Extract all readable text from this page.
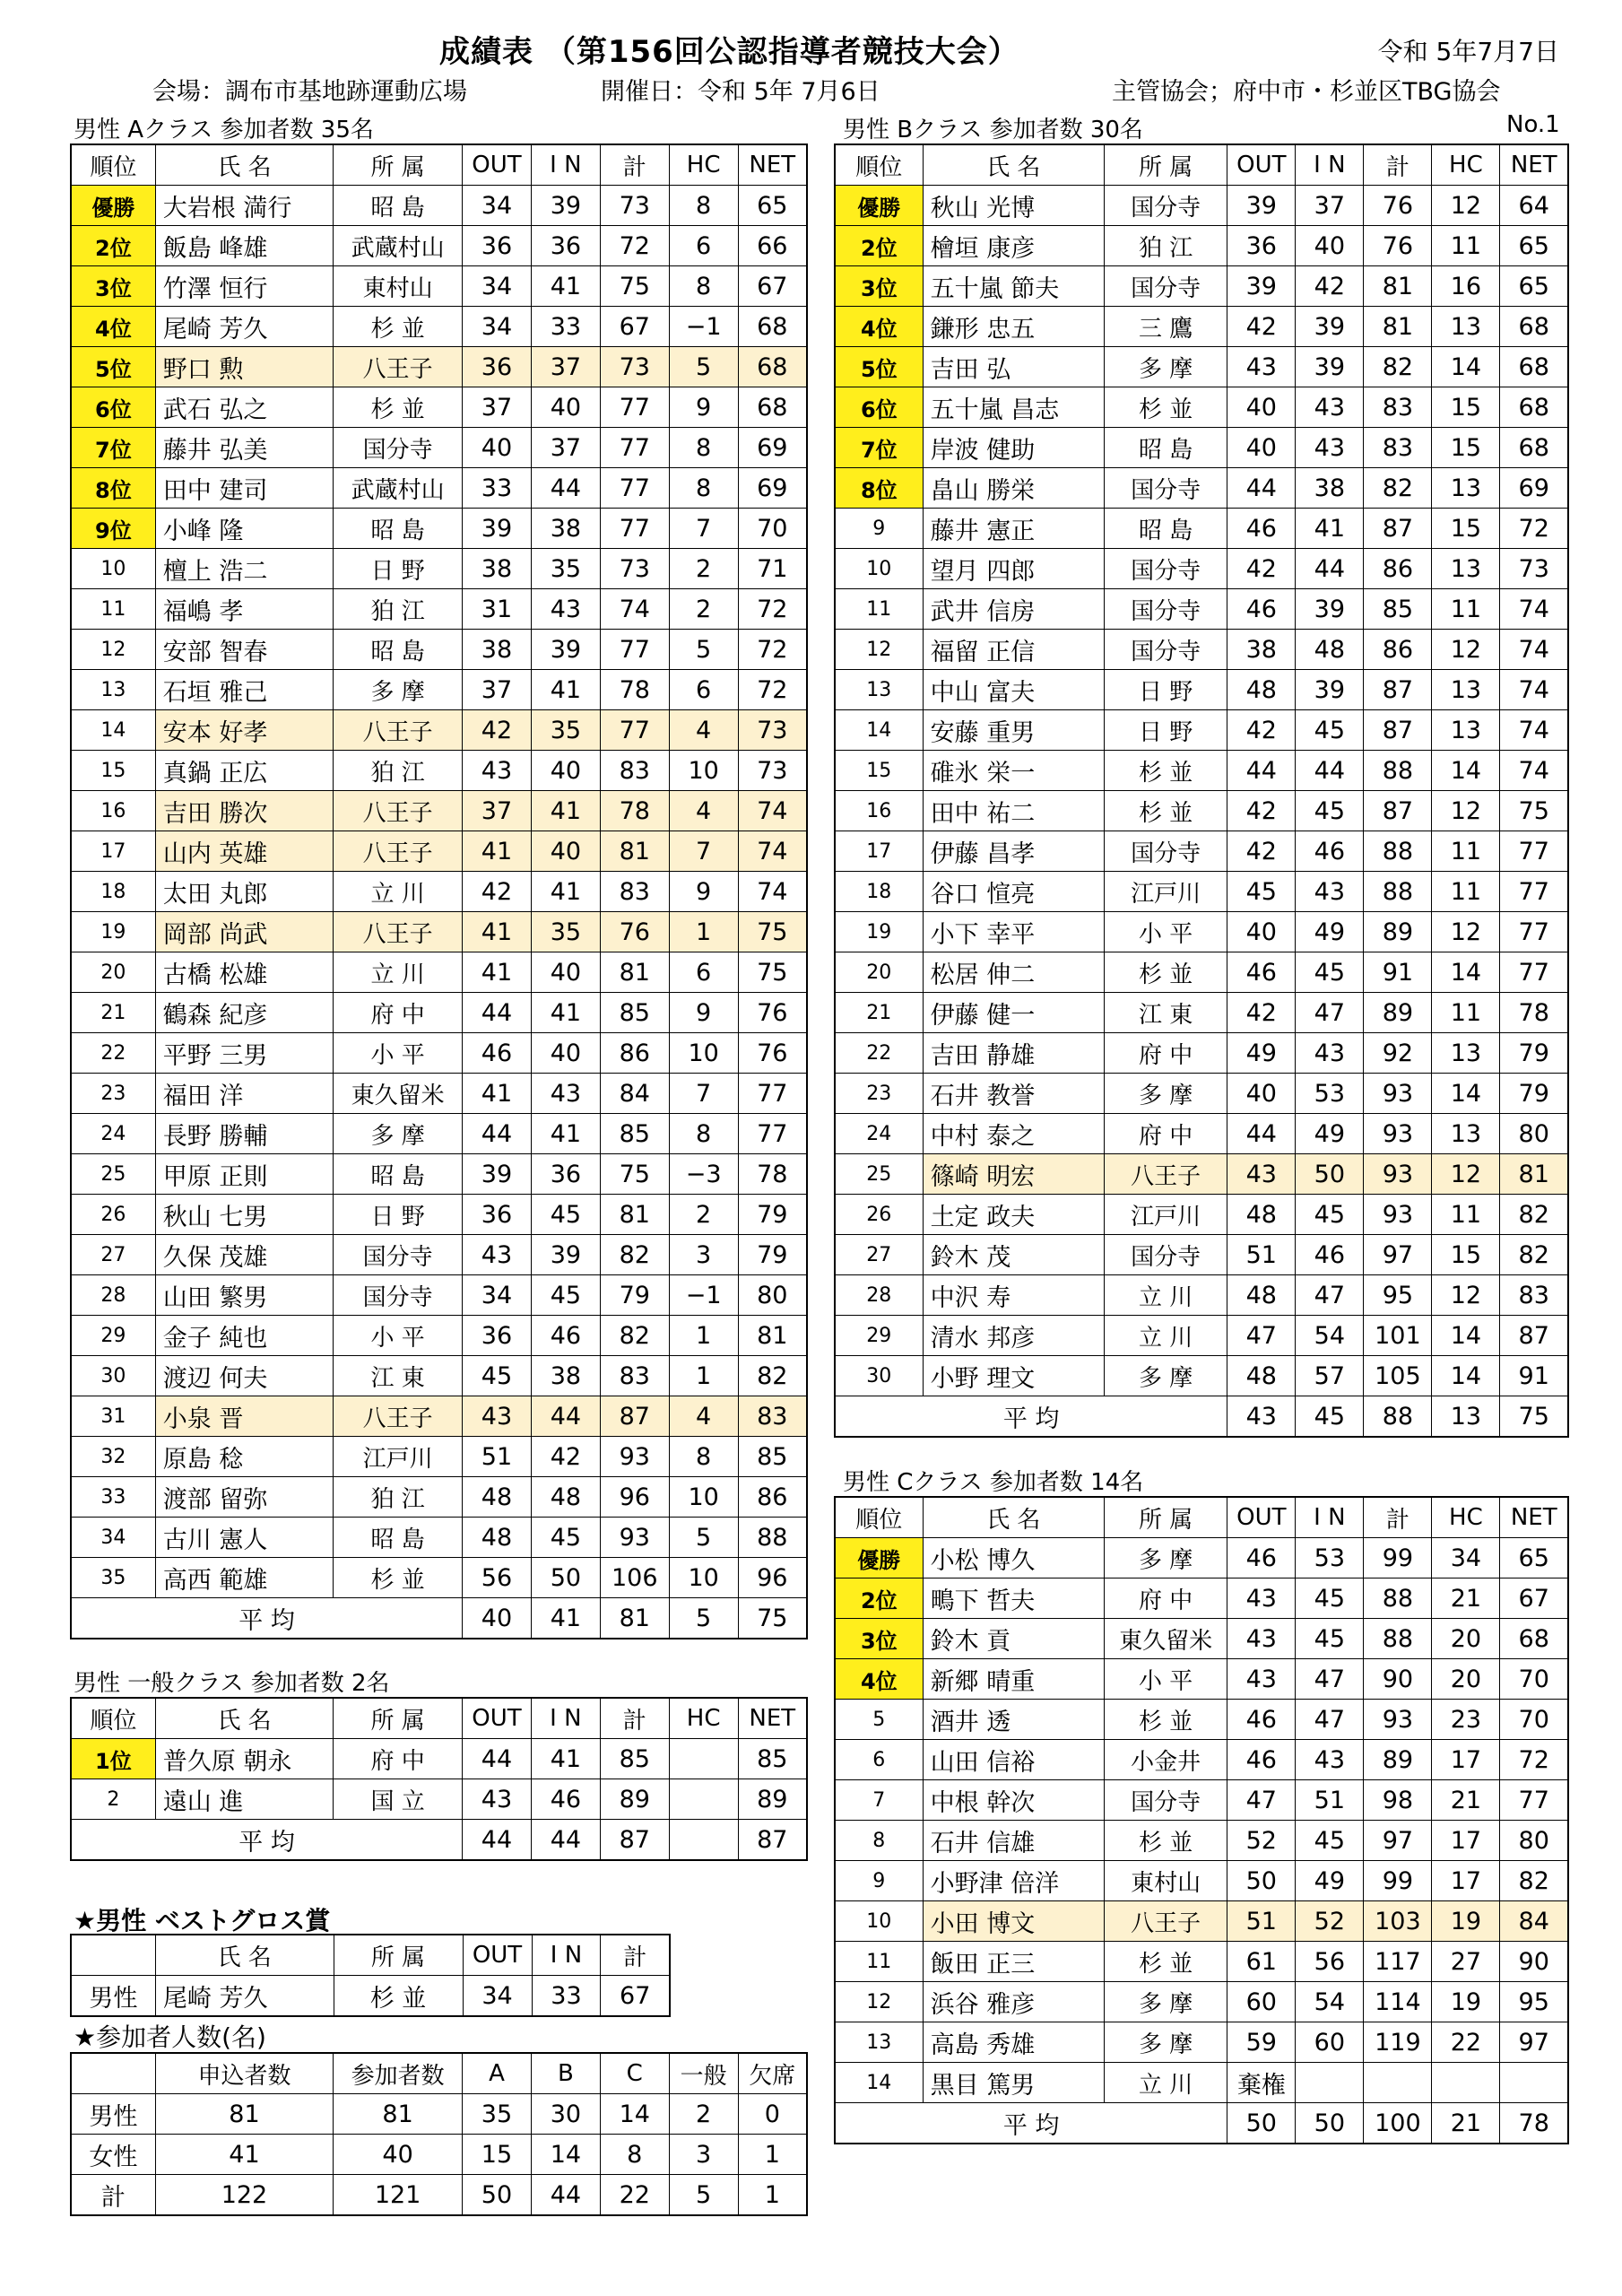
成績表 （第156回公認指導者競技大会）	令和 5年7月7日
会場：調布市基地跡運動広場	開催日：令和 5年 7月6日	主管協会；府中市・杉並区TBG協会
男性 Aクラス 参加者数 35名	男性 Bクラス 参加者数 30名	No.1
順位	氏 名	所 属	OUT	I N	計	HC	NET
優勝	大岩根 満行	昭 島	34	39	73	8	65
2位	飯島 峰雄	武蔵村山	36	36	72	6	66
3位	竹澤 恒行	東村山	34	41	75	8	67
4位	尾崎 芳久	杉 並	34	33	67	−1	68
5位	野口 勲	八王子	36	37	73	5	68
6位	武石 弘之	杉 並	37	40	77	9	68
7位	藤井 弘美	国分寺	40	37	77	8	69
8位	田中 建司	武蔵村山	33	44	77	8	69
9位	小峰 隆	昭 島	39	38	77	7	70
10	檀上 浩二	日 野	38	35	73	2	71
11	福嶋 孝	狛 江	31	43	74	2	72
12	安部 智春	昭 島	38	39	77	5	72
13	石垣 雅己	多 摩	37	41	78	6	72
14	安本 好孝	八王子	42	35	77	4	73
15	真鍋 正広	狛 江	43	40	83	10	73
16	吉田 勝次	八王子	37	41	78	4	74
17	山内 英雄	八王子	41	40	81	7	74
18	太田 丸郎	立 川	42	41	83	9	74
19	岡部 尚武	八王子	41	35	76	1	75
20	古橋 松雄	立 川	41	40	81	6	75
21	鶴森 紀彦	府 中	44	41	85	9	76
22	平野 三男	小 平	46	40	86	10	76
23	福田 洋	東久留米	41	43	84	7	77
24	長野 勝輔	多 摩	44	41	85	8	77
25	甲原 正則	昭 島	39	36	75	−3	78
26	秋山 七男	日 野	36	45	81	2	79
27	久保 茂雄	国分寺	43	39	82	3	79
28	山田 繁男	国分寺	34	45	79	−1	80
29	金子 純也	小 平	36	46	82	1	81
30	渡辺 何夫	江 東	45	38	83	1	82
31	小泉 晋	八王子	43	44	87	4	83
32	原島 稔	江戸川	51	42	93	8	85
33	渡部 留弥	狛 江	48	48	96	10	86
34	古川 憲人	昭 島	48	45	93	5	88
35	高西 範雄	杉 並	56	50	106	10	96
平 均			40	41	81	5	75
順位	氏 名	所 属	OUT	I N	計	HC	NET
優勝	秋山 光博	国分寺	39	37	76	12	64
2位	檜垣 康彦	狛 江	36	40	76	11	65
3位	五十嵐 節夫	国分寺	39	42	81	16	65
4位	鎌形 忠五	三 鷹	42	39	81	13	68
5位	吉田 弘	多 摩	43	39	82	14	68
6位	五十嵐 昌志	杉 並	40	43	83	15	68
7位	岸波 健助	昭 島	40	43	83	15	68
8位	畠山 勝栄	国分寺	44	38	82	13	69
9	藤井 憲正	昭 島	46	41	87	15	72
10	望月 四郎	国分寺	42	44	86	13	73
11	武井 信房	国分寺	46	39	85	11	74
12	福留 正信	国分寺	38	48	86	12	74
13	中山 富夫	日 野	48	39	87	13	74
14	安藤 重男	日 野	42	45	87	13	74
15	碓氷 栄一	杉 並	44	44	88	14	74
16	田中 祐二	杉 並	42	45	87	12	75
17	伊藤 昌孝	国分寺	42	46	88	11	77
18	谷口 愃亮	江戸川	45	43	88	11	77
19	小下 幸平	小 平	40	49	89	12	77
20	松居 伸二	杉 並	46	45	91	14	77
21	伊藤 健一	江 東	42	47	89	11	78
22	吉田 静雄	府 中	49	43	92	13	79
23	石井 教誉	多 摩	40	53	93	14	79
24	中村 泰之	府 中	44	49	93	13	80
25	篠崎 明宏	八王子	43	50	93	12	81
26	土定 政夫	江戸川	48	45	93	11	82
27	鈴木 茂	国分寺	51	46	97	15	82
28	中沢 寿	立 川	48	47	95	12	83
29	清水 邦彦	立 川	47	54	101	14	87
30	小野 理文	多 摩	48	57	105	14	91
平 均			43	45	88	13	75
男性 Cクラス 参加者数 14名
順位	氏 名	所 属	OUT	I N	計	HC	NET
優勝	小松 博久	多 摩	46	53	99	34	65
2位	鴫下 哲夫	府 中	43	45	88	21	67
3位	鈴木 貢	東久留米	43	45	88	20	68
4位	新郷 晴重	小 平	43	47	90	20	70
5	酒井 透	杉 並	46	47	93	23	70
6	山田 信裕	小金井	46	43	89	17	72
7	中根 幹次	国分寺	47	51	98	21	77
8	石井 信雄	杉 並	52	45	97	17	80
9	小野津 倍洋	東村山	50	49	99	17	82
10	小田 博文	八王子	51	52	103	19	84
11	飯田 正三	杉 並	61	56	117	27	90
12	浜谷 雅彦	多 摩	60	54	114	19	95
13	高島 秀雄	多 摩	59	60	119	22	97
14	黒目 篤男	立 川	棄権				
平 均			50	50	100	21	78
男性 一般クラス 参加者数 2名
順位	氏 名	所 属	OUT	I N	計	HC	NET
1位	普久原 朝永	府 中	44	41	85		85
2	遠山 進	国 立	43	46	89		89
平 均			44	44	87		87
★男性 ベストグロス賞
	氏 名	所 属	OUT	I N	計
男性	尾崎 芳久	杉 並	34	33	67
★参加者人数(名)
	申込者数	参加者数	A	B	C	一般	欠席
男性	81	81	35	30	14	2	0
女性	41	40	15	14	8	3	1
計	122	121	50	44	22	5	1
